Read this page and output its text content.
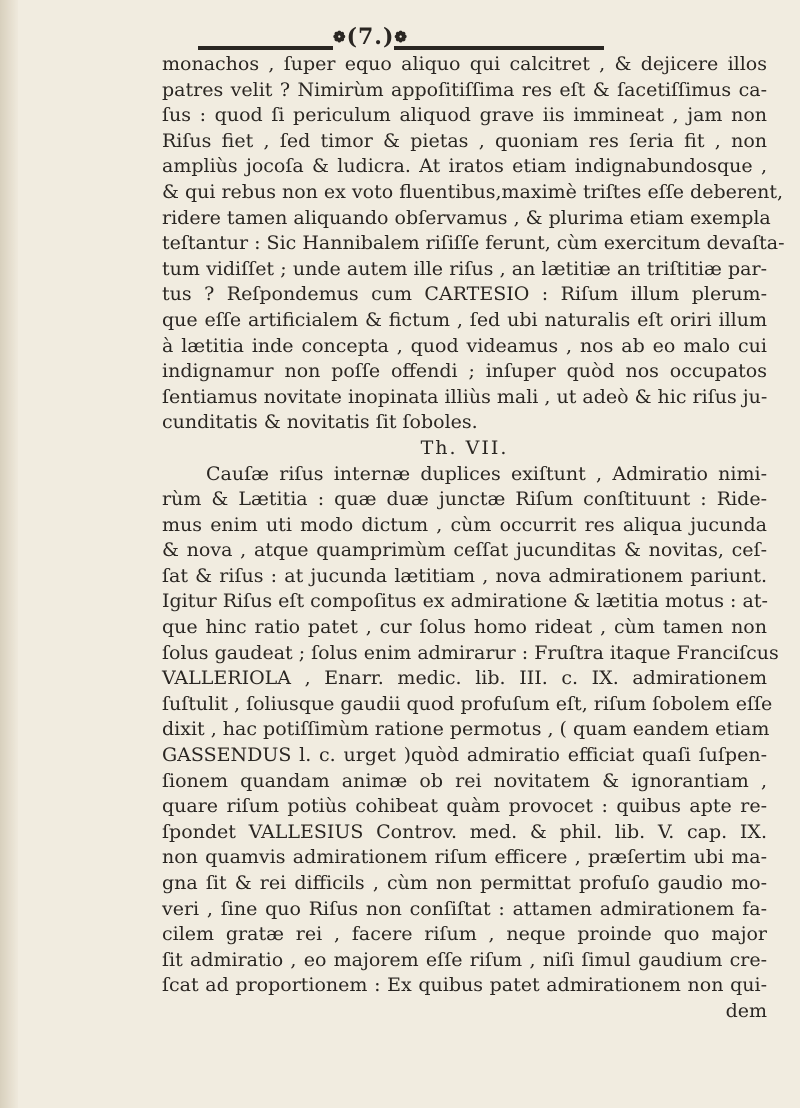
❁(7.)❁
monachos , ſuper equo aliquo qui calcitret , & dejicere illos
patres velit ? Nimirùm appoſitiſſima res eſt & ſacetiſſimus ca-
ſus : quod ſi periculum aliquod grave iis immineat , jam non
Riſus fiet , ſed timor & pietas , quoniam res ſeria fit , non
ampliùs jocoſa & ludicra. At iratos etiam indignabundosque ,
& qui rebus non ex voto fluentibus,maximè triſtes eſſe deberent,
ridere tamen aliquando obſervamus , & plurima etiam exempla
teſtantur : Sic Hannibalem riſiſſe ferunt, cùm exercitum devaſta-
tum vidiſſet ; unde autem ille riſus , an lætitiæ an triſtitiæ par-
tus ? Reſpondemus cum CARTESIO : Riſum illum plerum-
que eſſe artificialem & fictum , ſed ubi naturalis eſt oriri illum
à lætitia inde concepta , quod videamus , nos ab eo malo cui
indignamur non poſſe offendi ; inſuper quòd nos occupatos
ſentiamus novitate inopinata illiùs mali , ut adeò & hic riſus ju-
cunditatis & novitatis ſit ſoboles.
Th. VII.
Cauſæ riſus internæ duplices exiſtunt , Admiratio nimi-
rùm & Lætitia : quæ duæ junctæ Riſum conſtituunt : Ride-
mus enim uti modo dictum , cùm occurrit res aliqua jucunda
& nova , atque quamprimùm ceſſat jucunditas & novitas, ceſ-
ſat & riſus : at jucunda lætitiam , nova admirationem pariunt.
Igitur Riſus eſt compoſitus ex admiratione & lætitia motus : at-
que hinc ratio patet , cur ſolus homo rideat , cùm tamen non
ſolus gaudeat ; ſolus enim admirarur : Fruſtra itaque Franciſcus
VALLERIOLA , Enarr. medic. lib. III. c. IX. admirationem
ſuſtulit , ſoliusque gaudii quod profuſum eſt, riſum ſobolem eſſe
dixit , hac potiſſimùm ratione permotus , ( quam eandem etiam
GASSENDUS l. c. urget )quòd admiratio efficiat quaſi ſuſpen-
ſionem quandam animæ ob rei novitatem & ignorantiam ,
quare riſum potiùs cohibeat quàm provocet : quibus apte re-
ſpondet VALLESIUS Controv. med. & phil. lib. V. cap. IX.
non quamvis admirationem riſum efficere , præſertim ubi ma-
gna ſit & rei difficils , cùm non permittat profuſo gaudio mo-
veri , ſine quo Riſus non conſiſtat : attamen admirationem fa-
cilem gratæ rei , facere riſum , neque proinde quo major
ſit admiratio , eo majorem eſſe riſum , niſi ſimul gaudium cre-
ſcat ad proportionem : Ex quibus patet admirationem non qui-
dem
